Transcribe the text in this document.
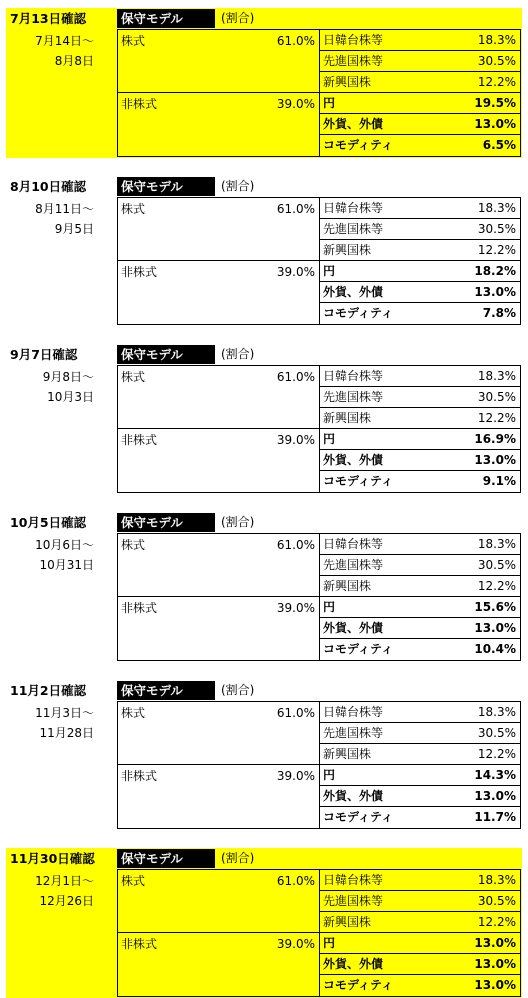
7月13日確認
7月14日〜
8月8日
保守モデル	(割合)
株式	61.0%
非株式	39.0%
日韓台株等	18.3%
先進国株等	30.5%
新興国株	12.2%
円	19.5%
外貨、外債	13.0%
コモディティ	6.5%
8月10日確認
8月11日〜
9月5日
保守モデル	(割合)
株式	61.0%
非株式	39.0%
日韓台株等	18.3%
先進国株等	30.5%
新興国株	12.2%
円	18.2%
外貨、外債	13.0%
コモディティ	7.8%
9月7日確認
9月8日〜
10月3日
保守モデル	(割合)
株式	61.0%
非株式	39.0%
日韓台株等	18.3%
先進国株等	30.5%
新興国株	12.2%
円	16.9%
外貨、外債	13.0%
コモディティ	9.1%
10月5日確認
10月6日〜
10月31日
保守モデル	(割合)
株式	61.0%
非株式	39.0%
日韓台株等	18.3%
先進国株等	30.5%
新興国株	12.2%
円	15.6%
外貨、外債	13.0%
コモディティ	10.4%
11月2日確認
11月3日〜
11月28日
保守モデル	(割合)
株式	61.0%
非株式	39.0%
日韓台株等	18.3%
先進国株等	30.5%
新興国株	12.2%
円	14.3%
外貨、外債	13.0%
コモディティ	11.7%
11月30日確認
12月1日〜
12月26日
保守モデル	(割合)
株式	61.0%
非株式	39.0%
日韓台株等	18.3%
先進国株等	30.5%
新興国株	12.2%
円	13.0%
外貨、外債	13.0%
コモディティ	13.0%
